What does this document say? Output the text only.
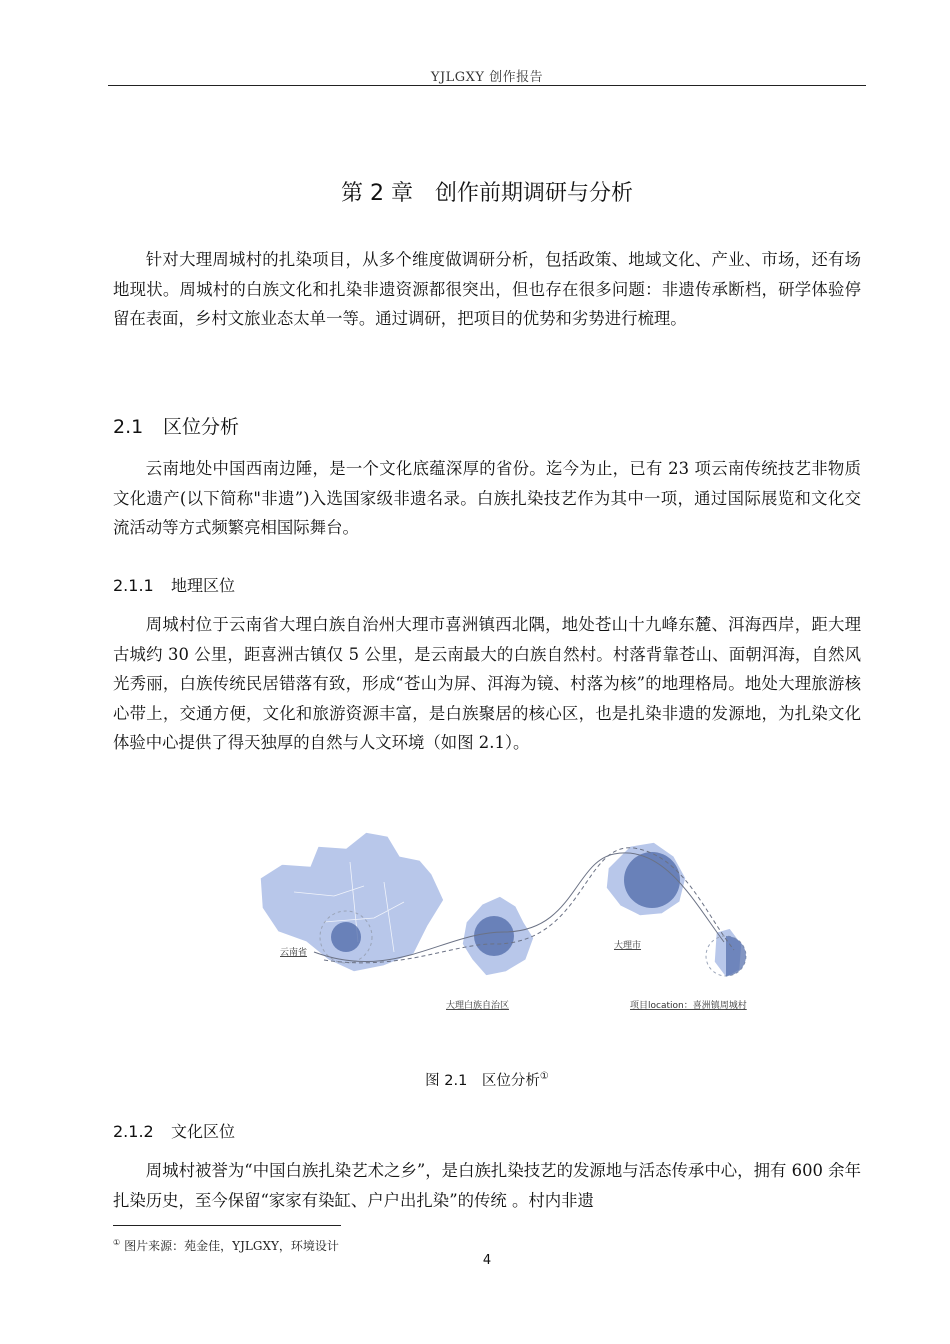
YJLGXY 创作报告
第 2 章　创作前期调研与分析

针对大理周城村的扎染项目，从多个维度做调研分析，包括政策、地域文化、产业、市场，还有场地现状。周城村的白族文化和扎染非遗资源都很突出，但也存在很多问题：非遗传承断档，研学体验停留在表面，乡村文旅业态太单一等。通过调研，把项目的优势和劣势进行梳理。

2.1 区位分析

云南地处中国西南边陲，是一个文化底蕴深厚的省份。迄今为止，已有 23 项云南传统技艺非物质文化遗产(以下简称"非遗”)入选国家级非遗名录。白族扎染技艺作为其中一项，通过国际展览和文化交流活动等方式频繁亮相国际舞台。

2.1.1 地理区位

周城村位于云南省大理白族自治州大理市喜洲镇西北隅，地处苍山十九峰东麓、洱海西岸，距大理古城约 30 公里，距喜洲古镇仅 5 公里，是云南最大的白族自然村。村落背靠苍山、面朝洱海，自然风光秀丽，白族传统民居错落有致，形成“苍山为屏、洱海为镜、村落为核”的地理格局。地处大理旅游核心带上，交通方便，文化和旅游资源丰富，是白族聚居的核心区，也是扎染非遗的发源地，为扎染文化体验中心提供了得天独厚的自然与人文环境（如图 2.1）。

云南省
大理白族自治区
大理市
项目location：喜洲镇周城村
图 2.1　区位分析①
2.1.2 文化区位

周城村被誉为“中国白族扎染艺术之乡”，是白族扎染技艺的发源地与活态传承中心，拥有 600 余年扎染历史，至今保留“家家有染缸、户户出扎染”的传统 。村内非遗

① 图片来源：苑金佳，YJLGXY，环境设计
4
